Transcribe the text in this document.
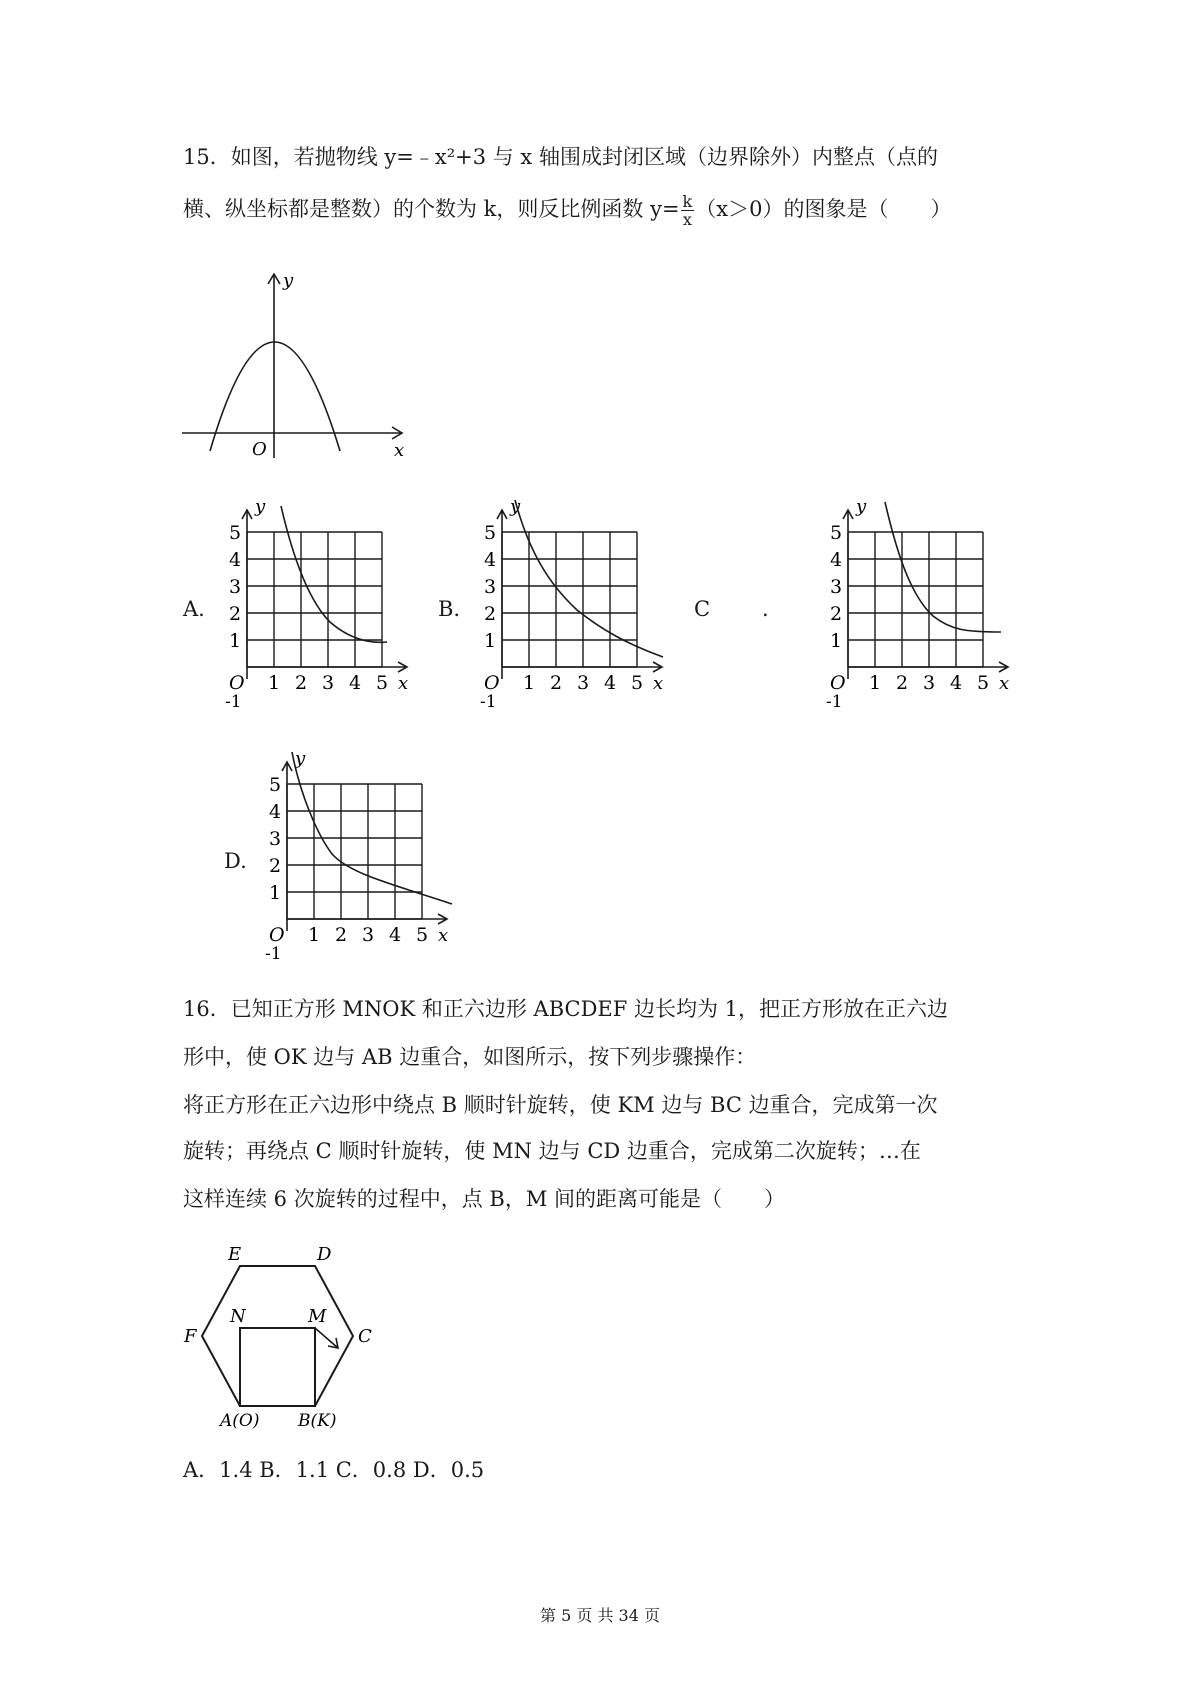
15．如图，若抛物线 y=﹣x²+3 与 x 轴围成封闭区域（边界除外）内整点（点的
横、纵坐标都是整数）的个数为 k，则反比例函数 $y= \frac{k}{x} (x>0)$的图象是（　　）
y
x
O
A.	B.	C .
D.
5
4
3
2
1
1 2 3 4 5
O
-1
x
y
5
4
3
2
1
1 2 3 4 5
O
-1
x
y
5
4
3
2
1
1 2 3 4 5
O
-1
x
y
5
4
3
2
1
1 2 3 4 5
O
-1
x
y
16．已知正方形 MNOK 和正六边形 ABCDEF 边长均为 1，把正方形放在正六边
形中，使 OK 边与 AB 边重合，如图所示，按下列步骤操作：
将正方形在正六边形中绕点 B 顺时针旋转，使 KM 边与 BC 边重合，完成第一次
旋转；再绕点 C 顺时针旋转，使 MN 边与 CD 边重合，完成第二次旋转；…在
这样连续 6 次旋转的过程中，点 B，M 间的距离可能是（　　）
E	D
F	C
N	M
A(O) B(K)
A．1.4 B．1.1 C．0.8 D．0.5
第 5 页 共 34 页
